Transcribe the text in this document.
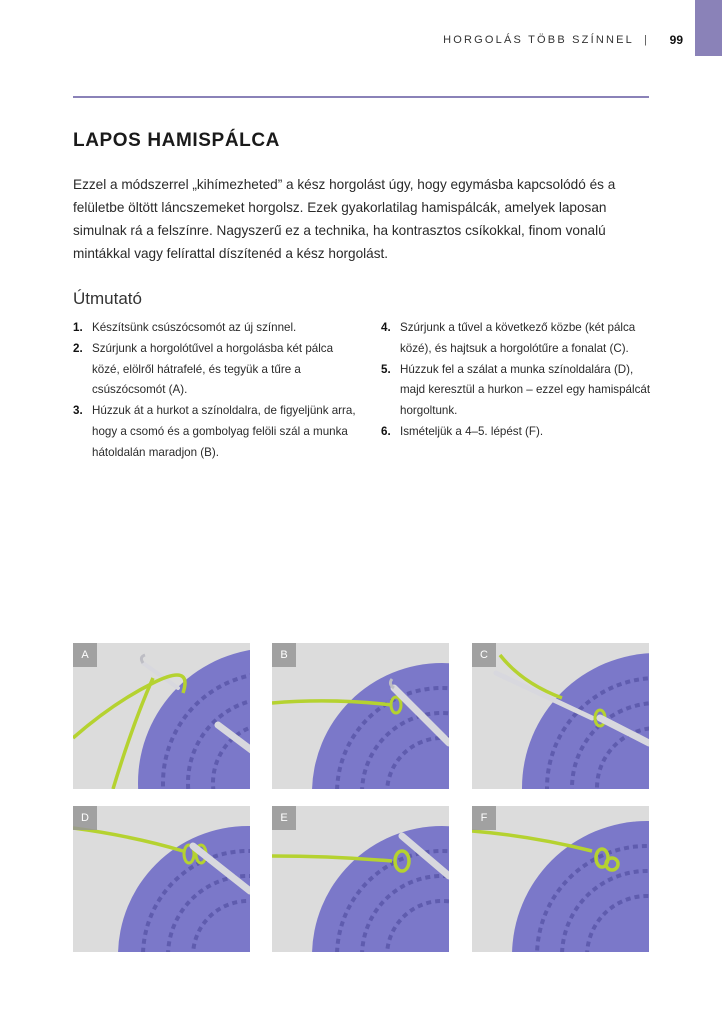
HORGOLÁS TÖBB SZÍNNEL | 99
LAPOS HAMISPÁLCA

Ezzel a módszerrel „kihímezheted” a kész horgolást úgy, hogy egymásba kapcsolódó és a felületbe öltött láncszemeket horgolsz. Ezek gyakorlatilag hamispálcák, amelyek laposan simulnak rá a felszínre. Nagyszerű ez a technika, ha kontrasztos csíkokkal, finom vonalú mintákkal vagy felírattal díszítenéd a kész horgolást.

Útmutató
1. Készítsünk csúszócsomót az új színnel.
2. Szúrjunk a horgolótűvel a horgolásba két pálca közé, elölről hátrafelé, és tegyük a tűre a csúszócsomót (A).
3. Húzzuk át a hurkot a színoldalra, de figyeljünk arra, hogy a csomó és a gombolyag felöli szál a munka hátoldalán maradjon (B).
4. Szúrjunk a tűvel a következő közbe (két pálca közé), és hajtsuk a horgolótűre a fonalat (C).
5. Húzzuk fel a szálat a munka színoldalára (D), majd keresztül a hurkon – ezzel egy hamispálcát horgoltunk.
6. Ismételjük a 4–5. lépést (F).
A	B	C
D	E	F
